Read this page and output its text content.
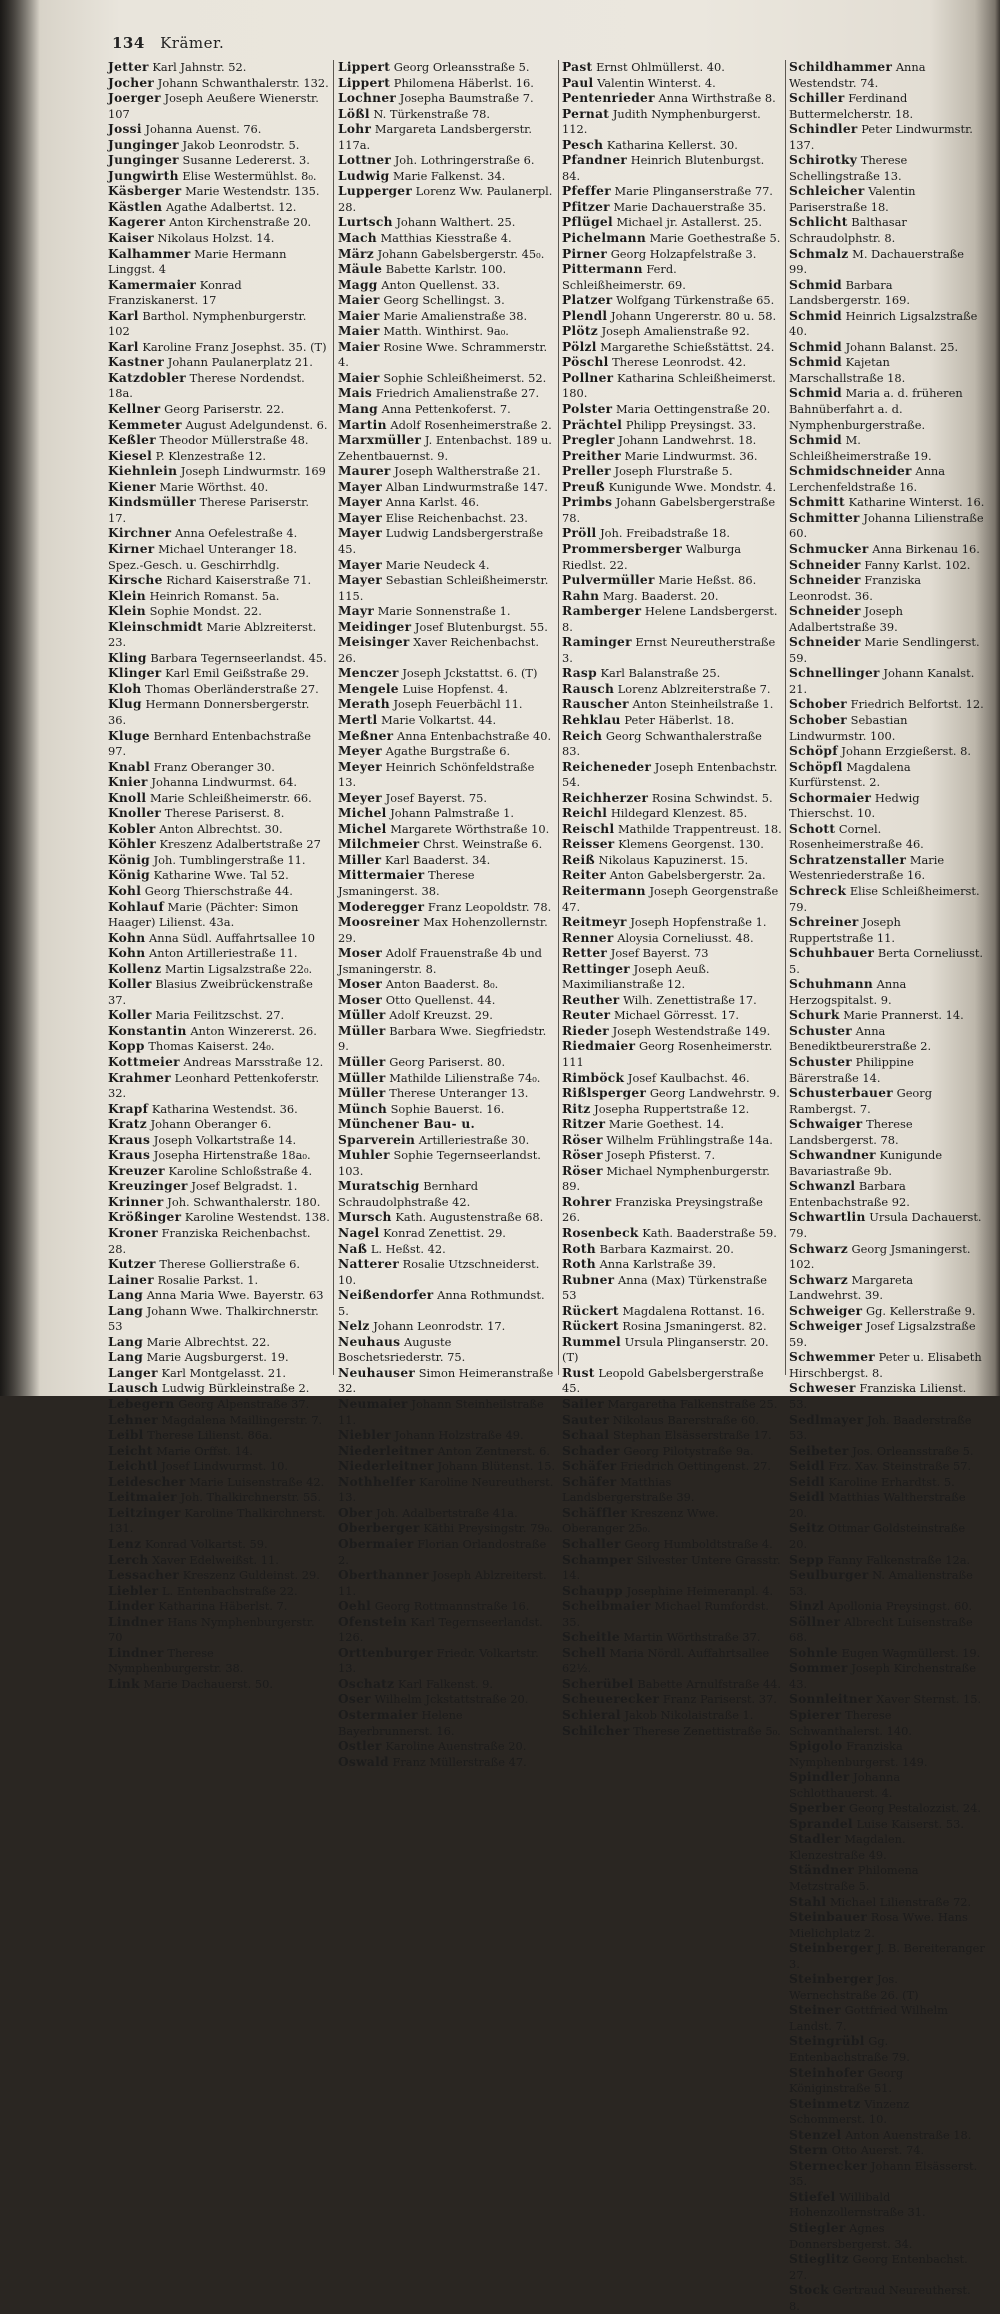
134 Krämer.

Jetter Karl Jahnstr. 52.

Jocher Johann Schwanthalerstr. 132.

Joerger Joseph Aeußere Wienerstr. 107

Jossi Johanna Auenst. 76.

Junginger Jakob Leonrodstr. 5.

Junginger Susanne Ledererst. 3.

Jungwirth Elise Westermühlst. 8₀.

Käsberger Marie Westendstr. 135.

Kästlen Agathe Adalbertst. 12.

Kagerer Anton Kirchenstraße 20.

Kaiser Nikolaus Holzst. 14.

Kalhammer Marie Hermann Linggst. 4

Kamermaier Konrad Franziskanerst. 17

Karl Barthol. Nymphenburgerstr. 102

Karl Karoline Franz Josephst. 35. (T)

Kastner Johann Paulanerplatz 21.

Katzdobler Therese Nordendst. 18a.

Kellner Georg Pariserstr. 22.

Kemmeter August Adelgundenst. 6.

Keßler Theodor Müllerstraße 48.

Kiesel P. Klenzestraße 12.

Kiehnlein Joseph Lindwurmstr. 169

Kiener Marie Wörthst. 40.

Kindsmüller Therese Pariserstr. 17.

Kirchner Anna Oefelestraße 4.

Kirner Michael Unteranger 18. Spez.-Gesch. u. Geschirrhdlg.

Kirsche Richard Kaiserstraße 71.

Klein Heinrich Romanst. 5a.

Klein Sophie Mondst. 22.

Kleinschmidt Marie Ablzreiterst. 23.

Kling Barbara Tegernseerlandst. 45.

Klinger Karl Emil Geißstraße 29.

Kloh Thomas Oberländerstraße 27.

Klug Hermann Donnersbergerstr. 36.

Kluge Bernhard Entenbachstraße 97.

Knabl Franz Oberanger 30.

Knier Johanna Lindwurmst. 64.

Knoll Marie Schleißheimerstr. 66.

Knoller Therese Pariserst. 8.

Kobler Anton Albrechtst. 30.

Köhler Kreszenz Adalbertstraße 27

König Joh. Tumblingerstraße 11.

König Katharine Wwe. Tal 52.

Kohl Georg Thierschstraße 44.

Kohlauf Marie (Pächter: Simon Haager) Lilienst. 43a.

Kohn Anna Südl. Auffahrtsallee 10

Kohn Anton Artilleriestraße 11.

Kollenz Martin Ligsalzstraße 22₀.

Koller Blasius Zweibrückenstraße 37.

Koller Maria Feilitzschst. 27.

Konstantin Anton Winzererst. 26.

Kopp Thomas Kaiserst. 24₀.

Kottmeier Andreas Marsstraße 12.

Krahmer Leonhard Pettenkoferstr. 32.

Krapf Katharina Westendst. 36.

Kratz Johann Oberanger 6.

Kraus Joseph Volkartstraße 14.

Kraus Josepha Hirtenstraße 18a₀.

Kreuzer Karoline Schloßstraße 4.

Kreuzinger Josef Belgradst. 1.

Krinner Joh. Schwanthalerstr. 180.

Krößinger Karoline Westendst. 138.

Kroner Franziska Reichenbachst. 28.

Kutzer Therese Gollierstraße 6.

Lainer Rosalie Parkst. 1.

Lang Anna Maria Wwe. Bayerstr. 63

Lang Johann Wwe. Thalkirchnerstr. 53

Lang Marie Albrechtst. 22.

Lang Marie Augsburgerst. 19.

Langer Karl Montgelasst. 21.

Lausch Ludwig Bürkleinstraße 2.

Lebegern Georg Alpenstraße 37.

Lehner Magdalena Maillingerstr. 7.

Leibl Therese Lilienst. 86a.

Leicht Marie Orffst. 14.

Leichtl Josef Lindwurmst. 10.

Leidescher Marie Luisenstraße 42.

Leitmaier Joh. Thalkirchnerstr. 55.

Leitzinger Karoline Thalkirchnerst. 131.

Lenz Konrad Volkartst. 59.

Lerch Xaver Edelweißst. 11.

Lessacher Kreszenz Guldeinst. 29.

Liebler L. Entenbachstraße 22.

Linder Katharina Häberlst. 7.

Lindner Hans Nymphenburgerstr. 70

Lindner Therese Nymphenburgerstr. 38.

Link Marie Dachauerst. 50.

Lippert Georg Orleansstraße 5.

Lippert Philomena Häberlst. 16.

Lochner Josepha Baumstraße 7.

Lößl N. Türkenstraße 78.

Lohr Margareta Landsbergerstr. 117a.

Lottner Joh. Lothringerstraße 6.

Ludwig Marie Falkenst. 34.

Lupperger Lorenz Ww. Paulanerpl. 28.

Lurtsch Johann Walthert. 25.

Mach Matthias Kiesstraße 4.

März Johann Gabelsbergerstr. 45₀.

Mäule Babette Karlstr. 100.

Magg Anton Quellenst. 33.

Maier Georg Schellingst. 3.

Maier Marie Amalienstraße 38.

Maier Matth. Winthirst. 9a₀.

Maier Rosine Wwe. Schrammerstr. 4.

Maier Sophie Schleißheimerst. 52.

Mais Friedrich Amalienstraße 27.

Mang Anna Pettenkoferst. 7.

Martin Adolf Rosenheimerstraße 2.

Marxmüller J. Entenbachst. 189 u. Zehentbauernst. 9.

Maurer Joseph Waltherstraße 21.

Mayer Alban Lindwurmstraße 147.

Mayer Anna Karlst. 46.

Mayer Elise Reichenbachst. 23.

Mayer Ludwig Landsbergerstraße 45.

Mayer Marie Neudeck 4.

Mayer Sebastian Schleißheimerstr. 115.

Mayr Marie Sonnenstraße 1.

Meidinger Josef Blutenburgst. 55.

Meisinger Xaver Reichenbachst. 26.

Menczer Joseph Jckstattst. 6. (T)

Mengele Luise Hopfenst. 4.

Merath Joseph Feuerbächl 11.

Mertl Marie Volkartst. 44.

Meßner Anna Entenbachstraße 40.

Meyer Agathe Burgstraße 6.

Meyer Heinrich Schönfeldstraße 13.

Meyer Josef Bayerst. 75.

Michel Johann Palmstraße 1.

Michel Margarete Wörthstraße 10.

Milchmeier Chrst. Weinstraße 6.

Miller Karl Baaderst. 34.

Mittermaier Therese Jsmaningerst. 38.

Moderegger Franz Leopoldstr. 78.

Moosreiner Max Hohenzollernstr. 29.

Moser Adolf Frauenstraße 4b und Jsmaningerstr. 8.

Moser Anton Baaderst. 8₀.

Moser Otto Quellenst. 44.

Müller Adolf Kreuzst. 29.

Müller Barbara Wwe. Siegfriedstr. 9.

Müller Georg Pariserst. 80.

Müller Mathilde Lilienstraße 74₀.

Müller Therese Unteranger 13.

Münch Sophie Bauerst. 16.

Münchener Bau- u. Sparverein Artilleriestraße 30.

Muhler Sophie Tegernseerlandst. 103.

Muratschig Bernhard Schraudolphstraße 42.

Mursch Kath. Augustenstraße 68.

Nagel Konrad Zenettist. 29.

Naß L. Heßst. 42.

Natterer Rosalie Utzschneiderst. 10.

Neißendorfer Anna Rothmundst. 5.

Nelz Johann Leonrodstr. 17.

Neuhaus Auguste Boschetsriederstr. 75.

Neuhauser Simon Heimeranstraße 32.

Neumaier Johann Steinheilstraße 11.

Niebler Johann Holzstraße 49.

Niederleitner Anton Zentnerst. 6.

Niederleitner Johann Blütenst. 15.

Nothhelfer Karoline Neureutherst. 13.

Ober Joh. Adalbertstraße 41a.

Oberberger Käthi Preysingstr. 79₀.

Obermaier Florian Orlandostraße 2.

Oberthanner Joseph Ablzreiterst. 11.

Oehl Georg Rottmannstraße 16.

Ofenstein Karl Tegernseerlandst. 126.

Orttenburger Friedr. Volkartstr. 13.

Oschatz Karl Falkenst. 9.

Oser Wilhelm Jckstattstraße 20.

Ostermaier Helene Bayerbrunnerst. 16.

Ostler Karoline Auenstraße 20.

Oswald Franz Müllerstraße 47.

Past Ernst Ohlmüllerst. 40.

Paul Valentin Winterst. 4.

Pentenrieder Anna Wirthstraße 8.

Pernat Judith Nymphenburgerst. 112.

Pesch Katharina Kellerst. 30.

Pfandner Heinrich Blutenburgst. 84.

Pfeffer Marie Plinganserstraße 77.

Pfitzer Marie Dachauerstraße 35.

Pflügel Michael jr. Astallerst. 25.

Pichelmann Marie Goethestraße 5.

Pirner Georg Holzapfelstraße 3.

Pittermann Ferd. Schleißheimerstr. 69.

Platzer Wolfgang Türkenstraße 65.

Plendl Johann Ungererstr. 80 u. 58.

Plötz Joseph Amalienstraße 92.

Pölzl Margarethe Schießstättst. 24.

Pöschl Therese Leonrodst. 42.

Pollner Katharina Schleißheimerst. 180.

Polster Maria Oettingenstraße 20.

Prächtel Philipp Preysingst. 33.

Pregler Johann Landwehrst. 18.

Preither Marie Lindwurmst. 36.

Preller Joseph Flurstraße 5.

Preuß Kunigunde Wwe. Mondstr. 4.

Primbs Johann Gabelsbergerstraße 78.

Pröll Joh. Freibadstraße 18.

Prommersberger Walburga Riedlst. 22.

Pulvermüller Marie Heßst. 86.

Rahn Marg. Baaderst. 20.

Ramberger Helene Landsbergerst. 8.

Raminger Ernst Neureutherstraße 3.

Rasp Karl Balanstraße 25.

Rausch Lorenz Ablzreiterstraße 7.

Rauscher Anton Steinheilstraße 1.

Rehklau Peter Häberlst. 18.

Reich Georg Schwanthalerstraße 83.

Reicheneder Joseph Entenbachstr. 54.

Reichherzer Rosina Schwindst. 5.

Reichl Hildegard Klenzest. 85.

Reischl Mathilde Trappentreust. 18.

Reisser Klemens Georgenst. 130.

Reiß Nikolaus Kapuzinerst. 15.

Reiter Anton Gabelsbergerstr. 2a.

Reitermann Joseph Georgenstraße 47.

Reitmeyr Joseph Hopfenstraße 1.

Renner Aloysia Corneliusst. 48.

Retter Josef Bayerst. 73

Rettinger Joseph Aeuß. Maximilianstraße 12.

Reuther Wilh. Zenettistraße 17.

Reuter Michael Görresst. 17.

Rieder Joseph Westendstraße 149.

Riedmaier Georg Rosenheimerstr. 111

Rimböck Josef Kaulbachst. 46.

Rißlsperger Georg Landwehrstr. 9.

Ritz Josepha Ruppertstraße 12.

Ritzer Marie Goethest. 14.

Röser Wilhelm Frühlingstraße 14a.

Röser Joseph Pfisterst. 7.

Röser Michael Nymphenburgerstr. 89.

Rohrer Franziska Preysingstraße 26.

Rosenbeck Kath. Baaderstraße 59.

Roth Barbara Kazmairst. 20.

Roth Anna Karlstraße 39.

Rubner Anna (Max) Türkenstraße 53

Rückert Magdalena Rottanst. 16.

Rückert Rosina Jsmaningerst. 82.

Rummel Ursula Plinganserstr. 20. (T)

Rust Leopold Gabelsbergerstraße 45.

Sailer Margaretha Falkenstraße 25.

Sauter Nikolaus Barerstraße 60.

Schaal Stephan Elsässerstraße 17.

Schader Georg Pilotystraße 9a.

Schäfer Friedrich Oettingenst. 27.

Schäfer Matthias Landsbergerstraße 39.

Schäffler Kreszenz Wwe. Oberanger 25₀.

Schaller Georg Humboldtstraße 4.

Schamper Silvester Untere Grasstr. 14.

Schaupp Josephine Heimeranpl. 4.

Scheibmaier Michael Rumfordst. 35.

Scheitle Martin Wörthstraße 37.

Schell Maria Nördl. Auffahrtsallee 62½.

Scherübel Babette Arnulfstraße 44.

Scheuerecker Franz Pariserst. 37.

Schieral Jakob Nikolaistraße 1.

Schilcher Therese Zenettistraße 5₀.

Schildhammer Anna Westendstr. 74.

Schiller Ferdinand Buttermelcherstr. 18.

Schindler Peter Lindwurmstr. 137.

Schirotky Therese Schellingstraße 13.

Schleicher Valentin Pariserstraße 18.

Schlicht Balthasar Schraudolphstr. 8.

Schmalz M. Dachauerstraße 99.

Schmid Barbara Landsbergerstr. 169.

Schmid Heinrich Ligsalzstraße 40.

Schmid Johann Balanst. 25.

Schmid Kajetan Marschallstraße 18.

Schmid Maria a. d. früheren Bahnüberfahrt a. d. Nymphenburgerstraße.

Schmid M. Schleißheimerstraße 19.

Schmidschneider Anna Lerchenfeldstraße 16.

Schmitt Katharine Winterst. 16.

Schmitter Johanna Lilienstraße 60.

Schmucker Anna Birkenau 16.

Schneider Fanny Karlst. 102.

Schneider Franziska Leonrodst. 36.

Schneider Joseph Adalbertstraße 39.

Schneider Marie Sendlingerst. 59.

Schnellinger Johann Kanalst. 21.

Schober Friedrich Belfortst. 12.

Schober Sebastian Lindwurmstr. 100.

Schöpf Johann Erzgießerst. 8.

Schöpfl Magdalena Kurfürstenst. 2.

Schormaier Hedwig Thierschst. 10.

Schott Cornel. Rosenheimerstraße 46.

Schratzenstaller Marie Westenriederstraße 16.

Schreck Elise Schleißheimerst. 79.

Schreiner Joseph Ruppertstraße 11.

Schuhbauer Berta Corneliusst. 5.

Schuhmann Anna Herzogspitalst. 9.

Schurk Marie Prannerst. 14.

Schuster Anna Benediktbeurerstraße 2.

Schuster Philippine Bärerstraße 14.

Schusterbauer Georg Rambergst. 7.

Schwaiger Therese Landsbergerst. 78.

Schwandner Kunigunde Bavariastraße 9b.

Schwanzl Barbara Entenbachstraße 92.

Schwartlin Ursula Dachauerst. 79.

Schwarz Georg Jsmaningerst. 102.

Schwarz Margareta Landwehrst. 39.

Schweiger Gg. Kellerstraße 9.

Schweiger Josef Ligsalzstraße 59.

Schwemmer Peter u. Elisabeth Hirschbergst. 8.

Schweser Franziska Lilienst. 53.

Sedlmayer Joh. Baaderstraße 53.

Seibeter Jos. Orleansstraße 5.

Seidl Frz. Xav. Steinstraße 57.

Seidl Karoline Erhardtst. 5.

Seidl Matthias Waltherstraße 20.

Seitz Ottmar Goldsteinstraße 20.

Sepp Fanny Falkenstraße 12a.

Seulburger N. Amalienstraße 53.

Sinzl Apollonia Preysingst. 60.

Söllner Albrecht Luisenstraße 68.

Sohnle Eugen Wagmüllerst. 19.

Sommer Joseph Kirchenstraße 43.

Sonnleitner Xaver Sternst. 15.

Spierer Therese Schwanthalerst. 140.

Spigolo Franziska Nymphenburgerst. 149.

Spindler Johanna Schlotthauerst. 4.

Sperber Georg Pestalozzist. 24.

Sprandel Luise Kaiserst. 53.

Stadler Magdalen. Klenzestraße 49.

Ständner Philomena Metzstraße 5.

Stahl Michael Lilienstraße 72.

Steinbauer Rosa Wwe. Hans Mielichplatz 2.

Steinberger J. B. Bereiteranger 3.

Steinberger Jos. Wernechstraße 26. (T)

Steiner Gottfried Wilhelm Landst. 7.

Steingrübl Gg. Entenbachstraße 79.

Steinhofer Georg Königinstraße 51.

Steinmetz Vinzenz Schommerst. 10.

Stenzel Anton Auenstraße 18.

Stern Otto Auerst. 74.

Sternecker Johann Elsässerst. 35.

Stiefel Willibald Hohenzollernstraße 31.

Stiegler Agnes Donnersbergerst. 34.

Stieglitz Georg Entenbachst. 27.

Stock Gertraud Neureutherst. 8.
